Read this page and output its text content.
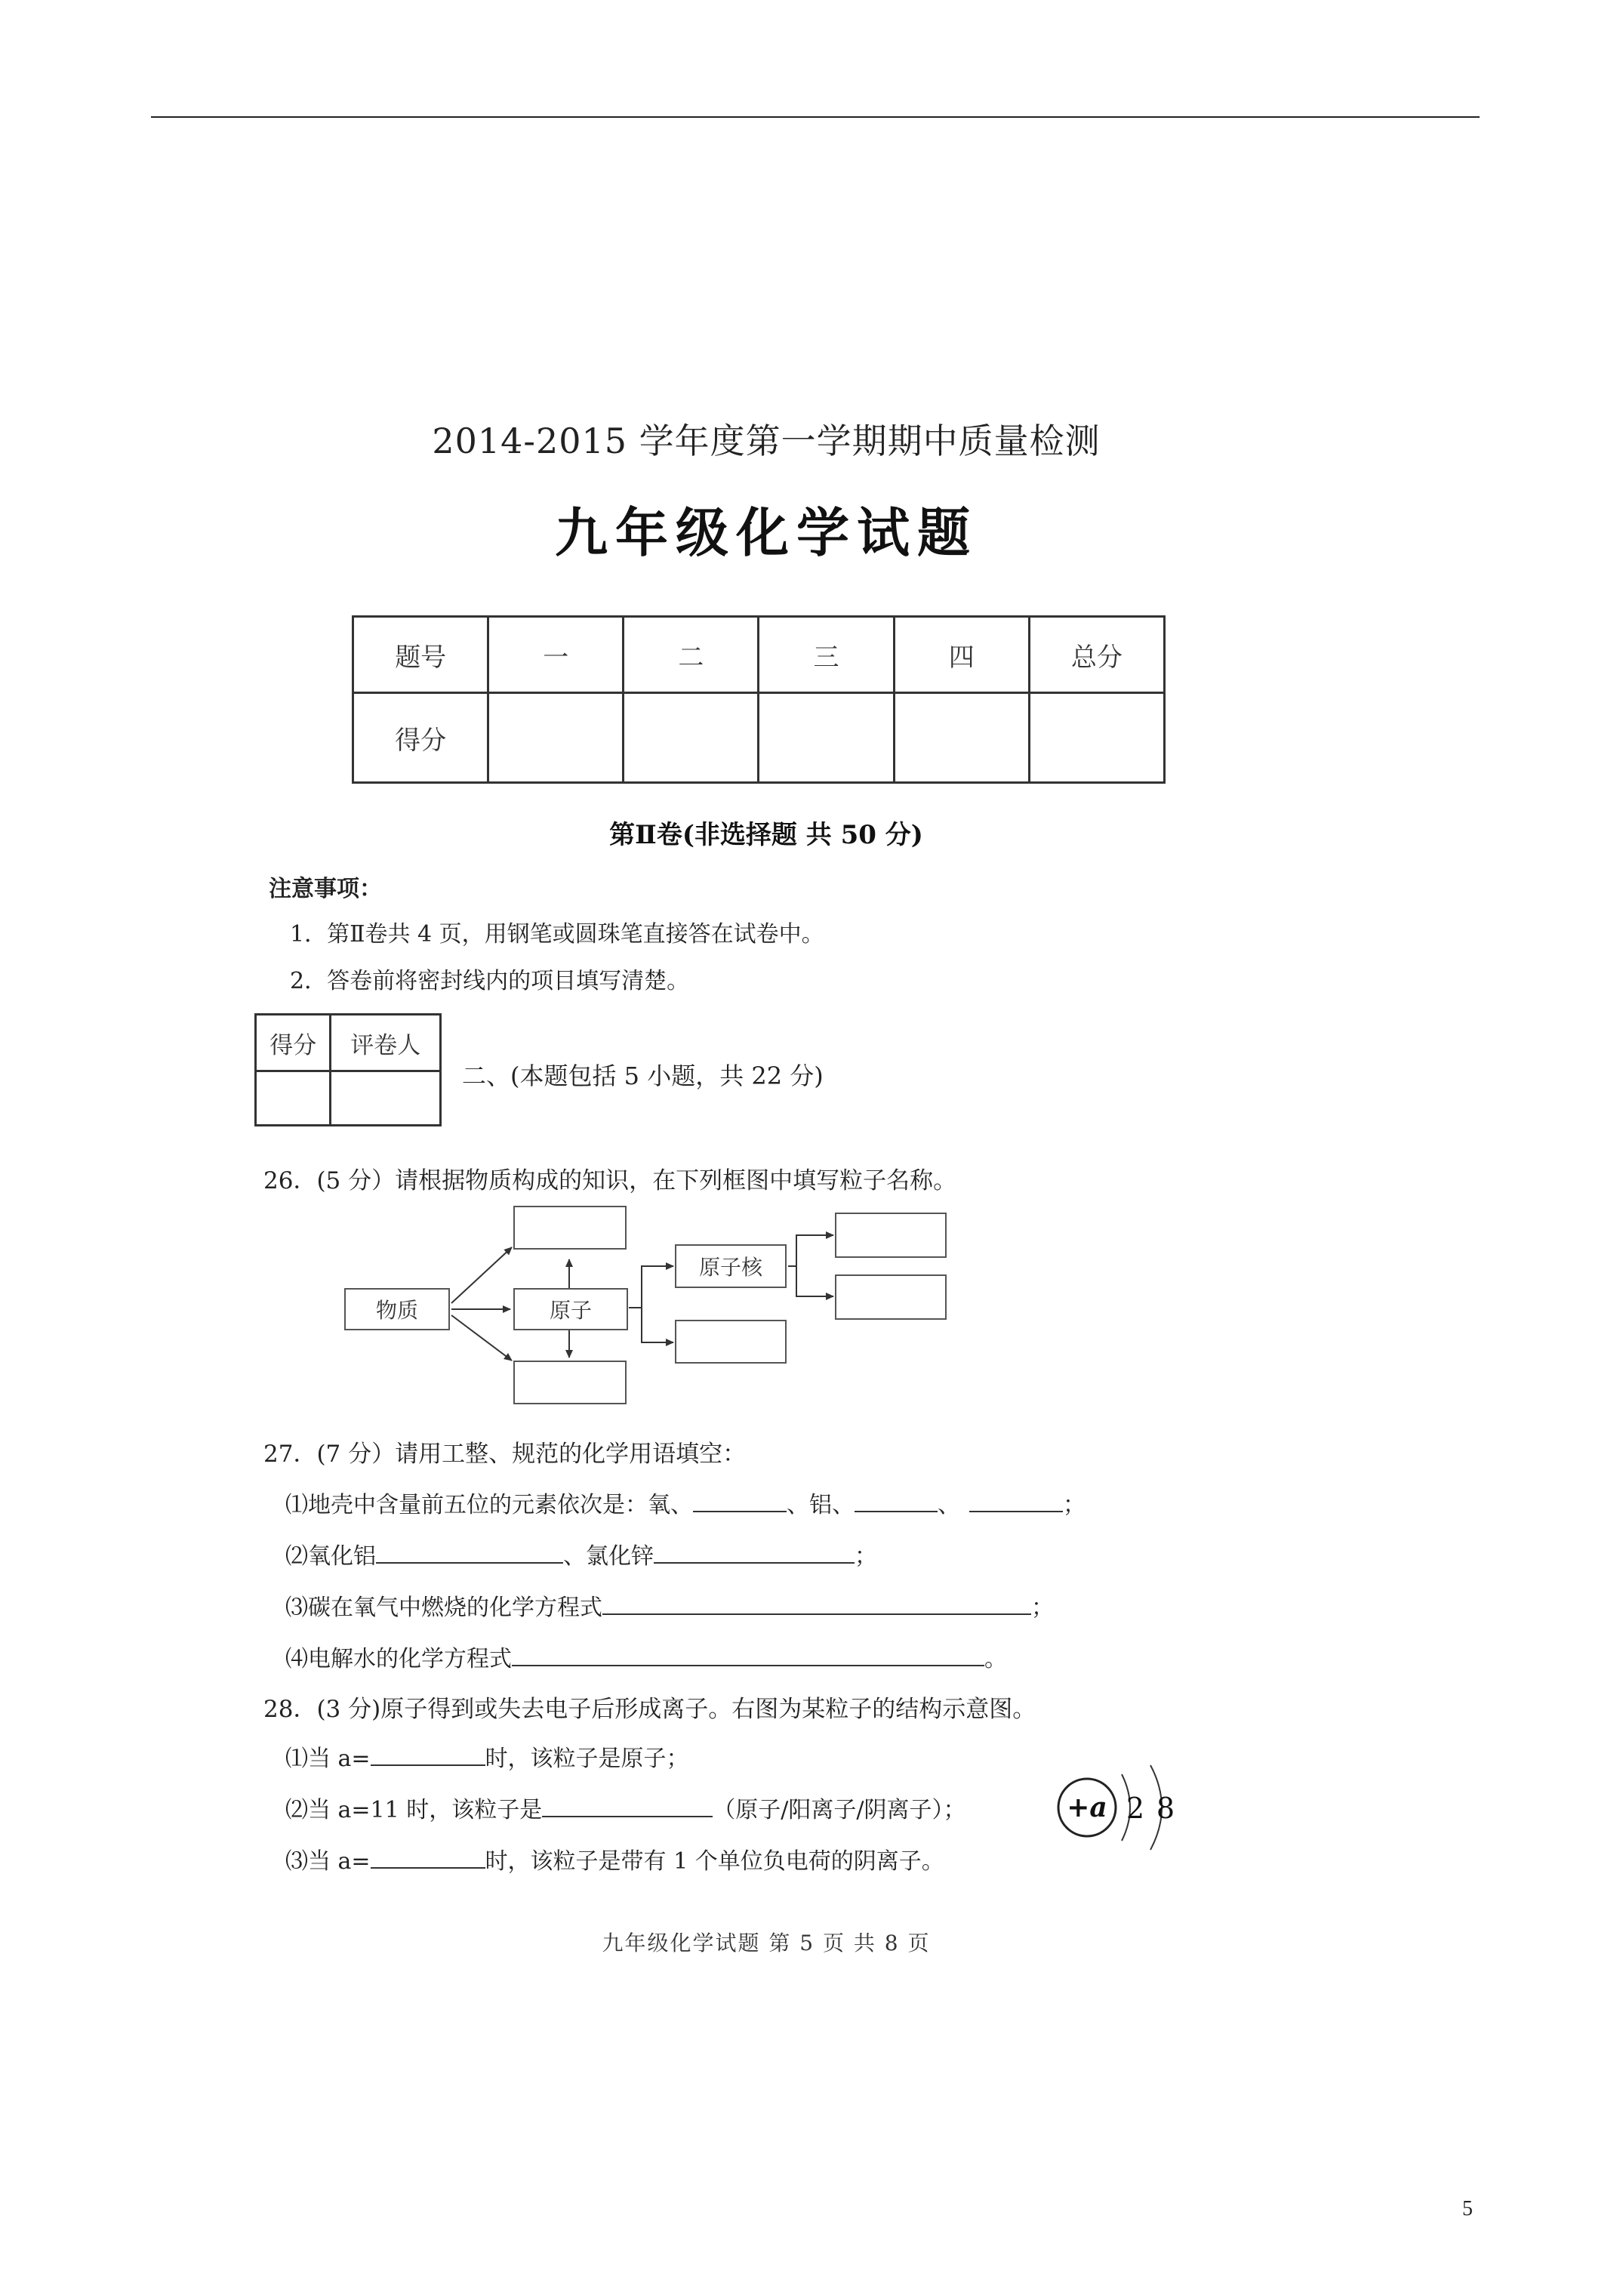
2014-2015 学年度第一学期期中质量检测
九年级化学试题
题号	一	二	三	四	总分
得分					
第Ⅱ卷(非选择题 共 50 分)
注意事项：
1．第Ⅱ卷共 4 页，用钢笔或圆珠笔直接答在试卷中。
2．答卷前将密封线内的项目填写清楚。
得分	评卷人

二、(本题包括 5 小题，共 22 分)
26．(5 分）请根据物质构成的知识，在下列框图中填写粒子名称。
物质	原子
原子核
27．(7 分）请用工整、规范的化学用语填空：
⑴地壳中含量前五位的元素依次是：氧、	、铝、	、	；
⑵氧化铝	、氯化锌	；
⑶碳在氧气中燃烧的化学方程式	；
⑷电解水的化学方程式	。
28．(3 分)原子得到或失去电子后形成离子。右图为某粒子的结构示意图。
⑴当 a=	时，该粒子是原子；
⑵当 a=11 时，该粒子是	（原子/阳离子/阴离子）；
⑶当 a=	时，该粒子是带有 1 个单位负电荷的阴离子。
+a 2 8
九年级化学试题 第 5 页 共 8 页
5
